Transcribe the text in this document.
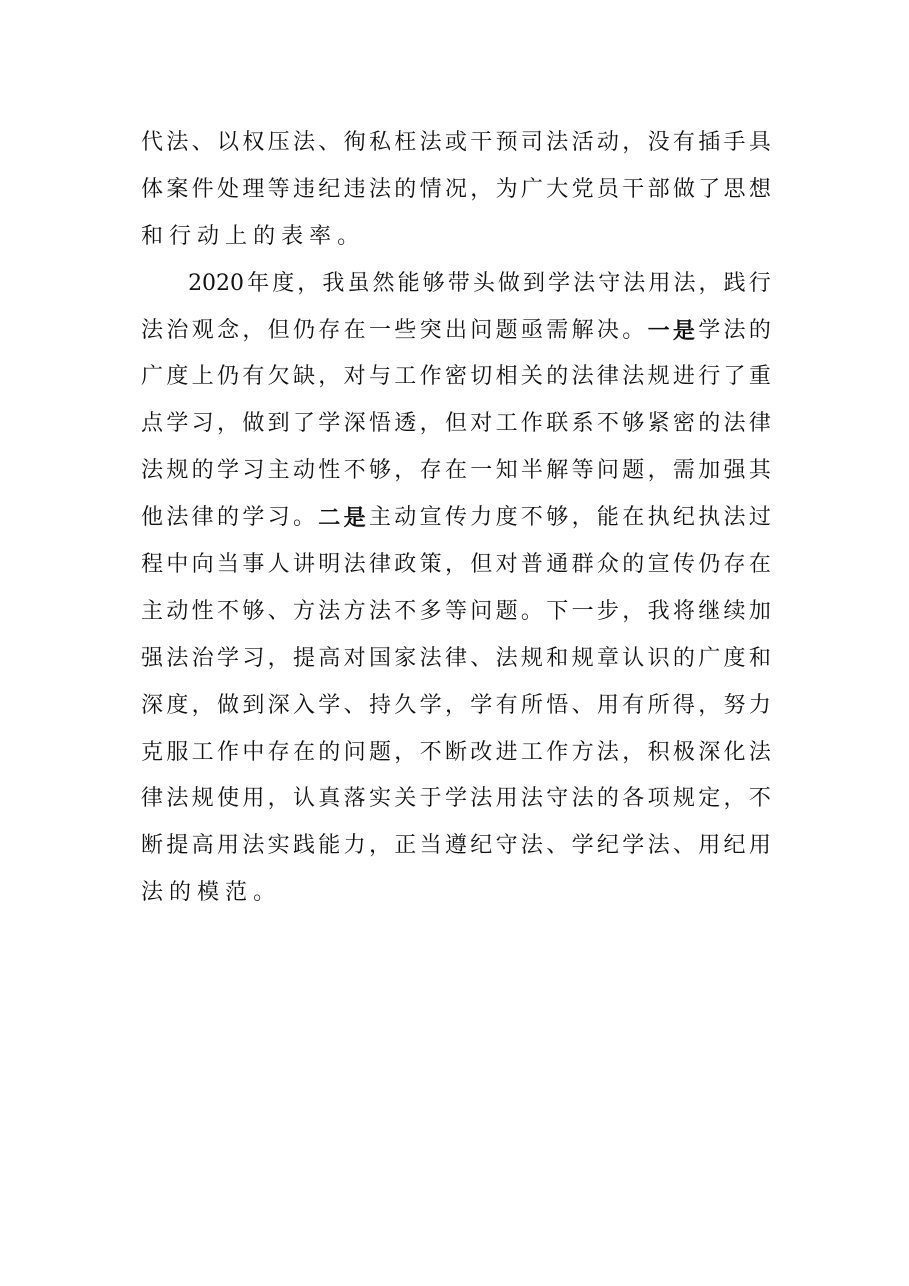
代 法 、 以 权 压 法 、 徇 私 枉 法 或 干 预 司 法 活 动 ， 没 有 插 手 具
体 案 件 处 理 等 违 纪 违 法 的 情 况 ， 为 广 大 党 员 干 部 做 了 思 想
和 行 动 上 的 表 率 。
2020 年 度 ， 我 虽 然 能 够 带 头 做 到 学 法 守 法 用 法 ， 践 行
法 治 观 念 ， 但 仍 存 在 一 些 突 出 问 题 亟 需 解 决 。 一 是 学 法 的
广 度 上 仍 有 欠 缺 ， 对 与 工 作 密 切 相 关 的 法 律 法 规 进 行 了 重
点 学 习 ， 做 到 了 学 深 悟 透 ， 但 对 工 作 联 系 不 够 紧 密 的 法 律
法 规 的 学 习 主 动 性 不 够 ， 存 在 一 知 半 解 等 问 题 ， 需 加 强 其
他 法 律 的 学 习 。 二 是 主 动 宣 传 力 度 不 够 ， 能 在 执 纪 执 法 过
程 中 向 当 事 人 讲 明 法 律 政 策 ， 但 对 普 通 群 众 的 宣 传 仍 存 在
主 动 性 不 够 、 方 法 方 法 不 多 等 问 题 。 下 一 步 ， 我 将 继 续 加
强 法 治 学 习 ， 提 高 对 国 家 法 律 、 法 规 和 规 章 认 识 的 广 度 和
深 度 ， 做 到 深 入 学 、 持 久 学 ， 学 有 所 悟 、 用 有 所 得 ， 努 力
克 服 工 作 中 存 在 的 问 题 ， 不 断 改 进 工 作 方 法 ， 积 极 深 化 法
律 法 规 使 用 ， 认 真 落 实 关 于 学 法 用 法 守 法 的 各 项 规 定 ， 不
断 提 高 用 法 实 践 能 力 ， 正 当 遵 纪 守 法 、 学 纪 学 法 、 用 纪 用
法 的 模 范 。
